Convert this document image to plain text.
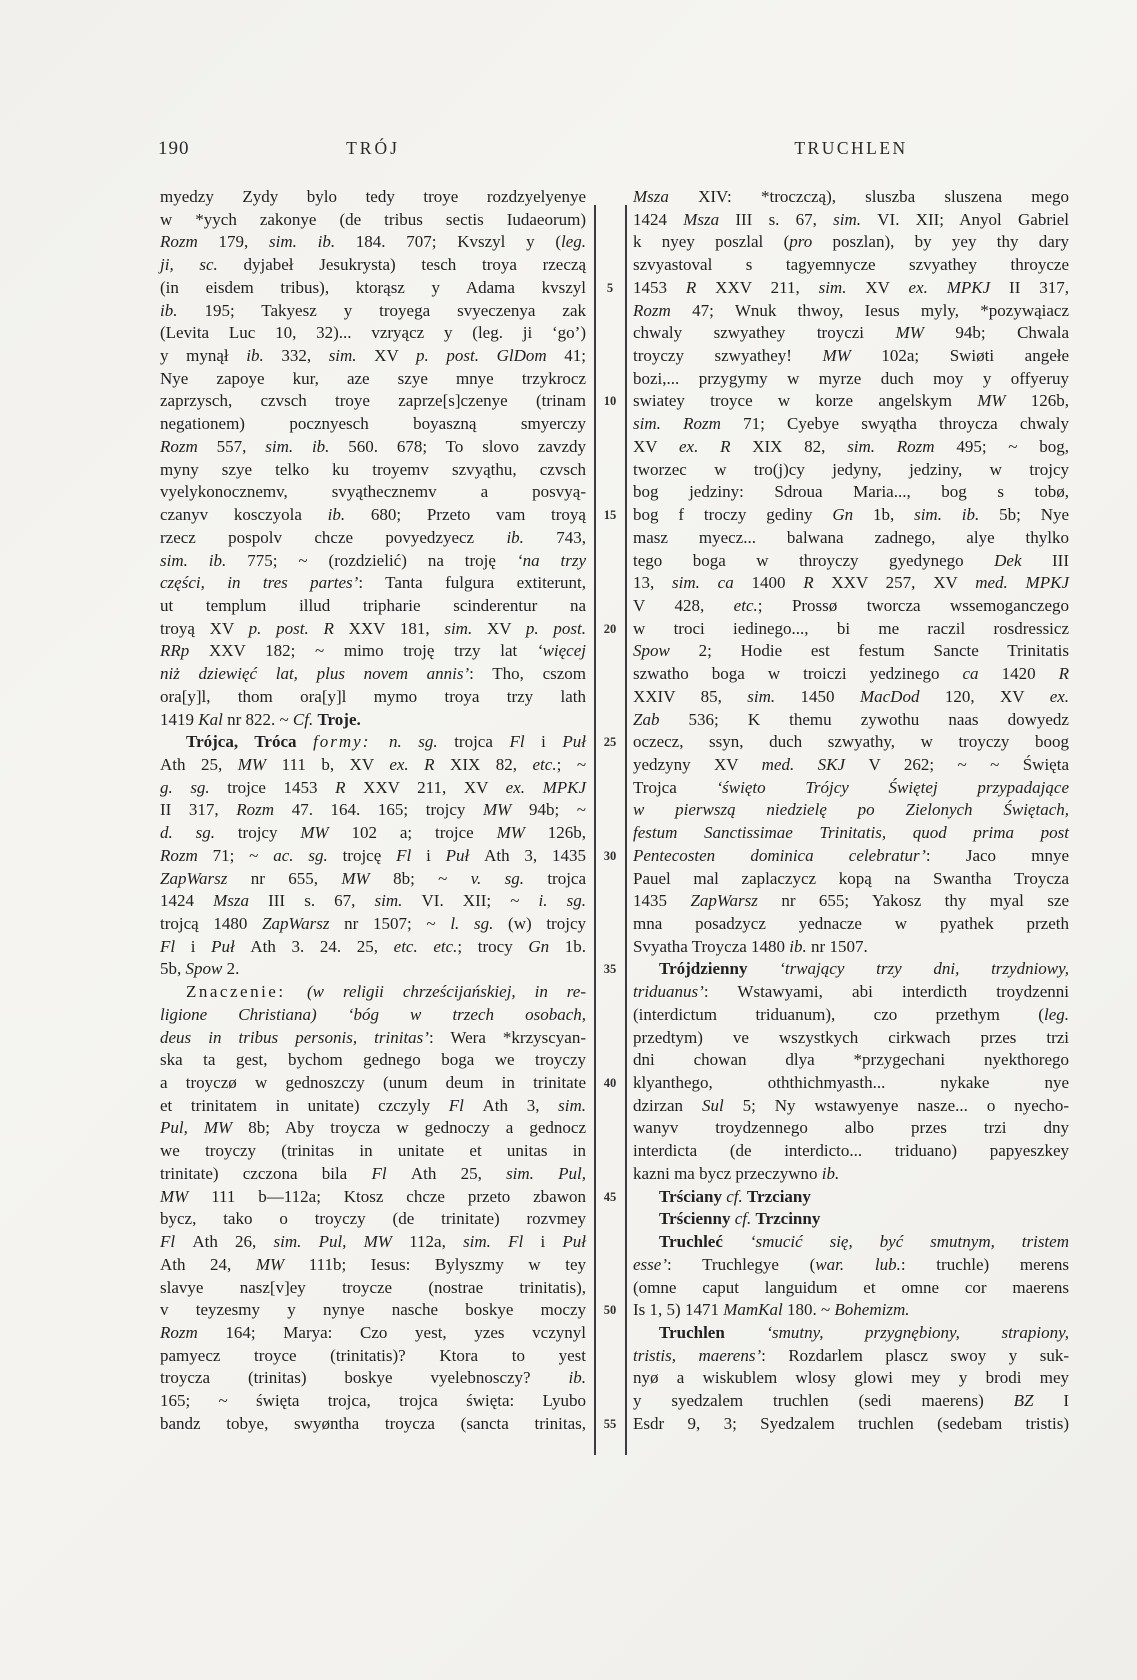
190	TRÓJ	TRUCHLEN
5
10
15
20
25
30
35
40
45
50
55
myedzy Zydy bylo tedy troye rozdzyelyenye
w *yych zakonye (de tribus sectis Iudaeorum)
Rozm 179, sim. ib. 184. 707; Kvszyl y (leg.
ji, sc. dyjabeł Jesukrysta) tesch troya rzeczą
(in eisdem tribus), ktorąsz y Adama kvszyl
ib. 195; Takyesz y troyega svyeczenya zak
(Levita Luc 10, 32)... vzryącz y (leg. ji ‘go’)
y mynął ib. 332, sim. XV p. post. GlDom 41;
Nye zapoye kur, aze szye mnye trzykrocz
zaprzysch, czvsch troye zaprze[s]czenye (trinam
negationem) pocznyesch boyaszną smyerczy
Rozm 557, sim. ib. 560. 678; To slovo zavzdy
myny szye telko ku troyemv szvyąthu, czvsch
vyelykonocznemv, svyąthecznemv a posvyą-
czanyv kosczyola ib. 680; Przeto vam troyą
rzecz pospolv chcze povyedzyecz ib. 743,
sim. ib. 775; ~ (rozdzielić) na troję ‘na trzy
części, in tres partes’: Tanta fulgura extiterunt,
ut templum illud tripharie scinderentur na
troyą XV p. post. R XXV 181, sim. XV p. post.
RRp XXV 182; ~ mimo troję trzy lat ‘więcej
niż dziewięć lat, plus novem annis’: Tho, cszom
ora[y]l, thom ora[y]l mymo troya trzy lath
1419 Kal nr 822. ~ Cf. Troje.
Trójca, Tróca formy: n. sg. trojca Fl i Puł
Ath 25, MW 111 b, XV ex. R XIX 82, etc.; ~
g. sg. trojce 1453 R XXV 211, XV ex. MPKJ
II 317, Rozm 47. 164. 165; trojcy MW 94b; ~
d. sg. trojcy MW 102 a; trojce MW 126b,
Rozm 71; ~ ac. sg. trojcę Fl i Puł Ath 3, 1435
ZapWarsz nr 655, MW 8b; ~ v. sg. trojca
1424 Msza III s. 67, sim. VI. XII; ~ i. sg.
trojcą 1480 ZapWarsz nr 1507; ~ l. sg. (w) trojcy
Fl i Puł Ath 3. 24. 25, etc. etc.; trocy Gn 1b.
5b, Spow 2.
Znaczenie: (w religii chrześcijańskiej, in re-
ligione Christiana) ‘bóg w trzech osobach,
deus in tribus personis, trinitas’: Wera *krzyscyan-
ska ta gest, bychom gednego boga we troyczy
a troyczø w gednoszczy (unum deum in trinitate
et trinitatem in unitate) czczyly Fl Ath 3, sim.
Pul, MW 8b; Aby troycza w gednoczy a gednocz
we troyczy (trinitas in unitate et unitas in
trinitate) czczona bila Fl Ath 25, sim. Pul,
MW 111 b—112a; Ktosz chcze przeto zbawon
bycz, tako o troyczy (de trinitate) rozvmey
Fl Ath 26, sim. Pul, MW 112a, sim. Fl i Puł
Ath 24, MW 111b; Iesus: Bylyszmy w tey
slavye nasz[v]ey troycze (nostrae trinitatis),
v teyzesmy y nynye nasche boskye moczy
Rozm 164; Marya: Czo yest, yzes vczynyl
pamyecz troyce (trinitatis)? Ktora to yest
troycza (trinitas) boskye vyelebnosczy? ib.
165; ~ święta trojca, trojca święta: Lyubo
bandz tobye, swyøntha troycza (sancta trinitas,
Msza XIV: *troczczą), sluszba sluszena mego
1424 Msza III s. 67, sim. VI. XII; Anyol Gabriel
k nyey poszlal (pro poszlan), by yey thy dary
szvyastoval s tagyemnycze szvyathey throycze
1453 R XXV 211, sim. XV ex. MPKJ II 317,
Rozm 47; Wnuk thwoy, Iesus myly, *pozywąiacz
chwaly szwyathey troyczi MW 94b; Chwala
troyczy szwyathey! MW 102a; Swiøti angełe
bozi,... przygymy w myrze duch moy y offyeruy
swiatey troyce w korze angelskym MW 126b,
sim. Rozm 71; Cyebye swyątha throycza chwaly
XV ex. R XIX 82, sim. Rozm 495; ~ bog,
tworzec w tro(j)cy jedyny, jedziny, w trojcy
bog jedziny: Sdroua Maria..., bog s tobø,
bog f troczy gediny Gn 1b, sim. ib. 5b; Nye
masz myecz... balwana zadnego, alye thylko
tego boga w throyczy gyedynego Dek III
13, sim. ca 1400 R XXV 257, XV med. MPKJ
V 428, etc.; Prossø tworcza wssemoganczego
w troci iedinego..., bi me raczil rosdressicz
Spow 2; Hodie est festum Sancte Trinitatis
szwatho boga w troiczi yedzinego ca 1420 R
XXIV 85, sim. 1450 MacDod 120, XV ex.
Zab 536; K themu zywothu naas dowyedz
oczecz, ssyn, duch szwyathy, w troyczy boog
yedzyny XV med. SKJ V 262; ~ ~ Święta
Trojca ‘święto Trójcy Świętej przypadające
w pierwszą niedzielę po Zielonych Świętach,
festum Sanctissimae Trinitatis, quod prima post
Pentecosten dominica celebratur’: Jaco mnye
Pauel mal zaplaczycz kopą na Swantha Troycza
1435 ZapWarsz nr 655; Yakosz thy myal sze
mna posadzycz yednacze w pyathek przeth
Svyatha Troycza 1480 ib. nr 1507.
Trójdzienny ‘trwający trzy dni, trzydniowy,
triduanus’: Wstawyami, abi interdicth troydzenni
(interdictum triduanum), czo przethym (leg.
przedtym) ve wszystkych cirkwach przes trzi
dni chowan dlya *przygechani nyekthorego
klyanthego, oththichmyasth... nykake nye
dzirzan Sul 5; Ny wstawyenye nasze... o nyecho-
wanyv troydzennego albo przes trzi dny
interdicta (de interdicto... triduano) papyeszkey
kazni ma bycz przeczywno ib.
Trściany cf. Trzciany
Trścienny cf. Trzcinny
Truchleć ‘smucić się, być smutnym, tristem
esse’: Truchlegye (war. lub.: truchle) merens
(omne caput languidum et omne cor maerens
Is 1, 5) 1471 MamKal 180. ~ Bohemizm.
Truchlen ‘smutny, przygnębiony, strapiony,
tristis, maerens’: Rozdarlem plascz swoy y suk-
nyø a wiskublem wlosy glowi mey y brodi mey
y syedzalem truchlen (sedi maerens) BZ I
Esdr 9, 3; Syedzalem truchlen (sedebam tristis)
